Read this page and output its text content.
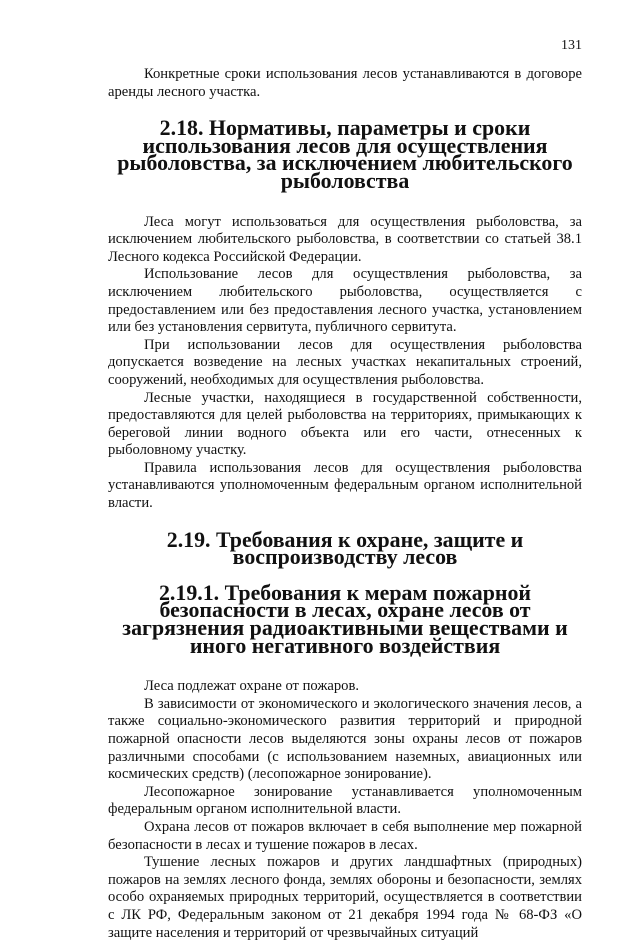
131

Конкретные сроки использования лесов устанавливаются в договоре аренды лесного участка.

2.18. Нормативы, параметры и сроки использования лесов для осуществления рыболовства, за исключением любительского рыболовства

Леса могут использоваться для осуществления рыболовства, за исключением любительского рыболовства, в соответствии со статьей 38.1 Лесного кодекса Российской Федерации.

Использование лесов для осуществления рыболовства, за исключением любительского рыболовства, осуществляется с предоставлением или без предоставления лесного участка, установлением или без установления сервитута, публичного сервитута.

При использовании лесов для осуществления рыболовства допускается возведение на лесных участках некапитальных строений, сооружений, необходимых для осуществления рыболовства.

Лесные участки, находящиеся в государственной собственности, предоставляются для целей рыболовства на территориях, примыкающих к береговой линии водного объекта или его части, отнесенных к рыболовному участку.

Правила использования лесов для осуществления рыболовства устанавливаются уполномоченным федеральным органом исполнительной власти.

2.19. Требования к охране, защите и воспроизводству лесов
2.19.1. Требования к мерам пожарной безопасности в лесах, охране лесов от загрязнения радиоактивными веществами и иного негативного воздействия

Леса подлежат охране от пожаров.

В зависимости от экономического и экологического значения лесов, а также социально-экономического развития территорий и природной пожарной опасности лесов выделяются зоны охраны лесов от пожаров различными способами (с использованием наземных, авиационных или космических средств) (лесопожарное зонирование).

Лесопожарное зонирование устанавливается уполномоченным федеральным органом исполнительной власти.

Охрана лесов от пожаров включает в себя выполнение мер пожарной безопасности в лесах и тушение пожаров в лесах.

Тушение лесных пожаров и других ландшафтных (природных) пожаров на землях лесного фонда, землях обороны и безопасности, землях особо охраняемых природных территорий, осуществляется в соответствии с ЛК РФ, Федеральным законом от 21 декабря 1994 года № 68-ФЗ «О защите населения и территорий от чрезвычайных ситуаций
